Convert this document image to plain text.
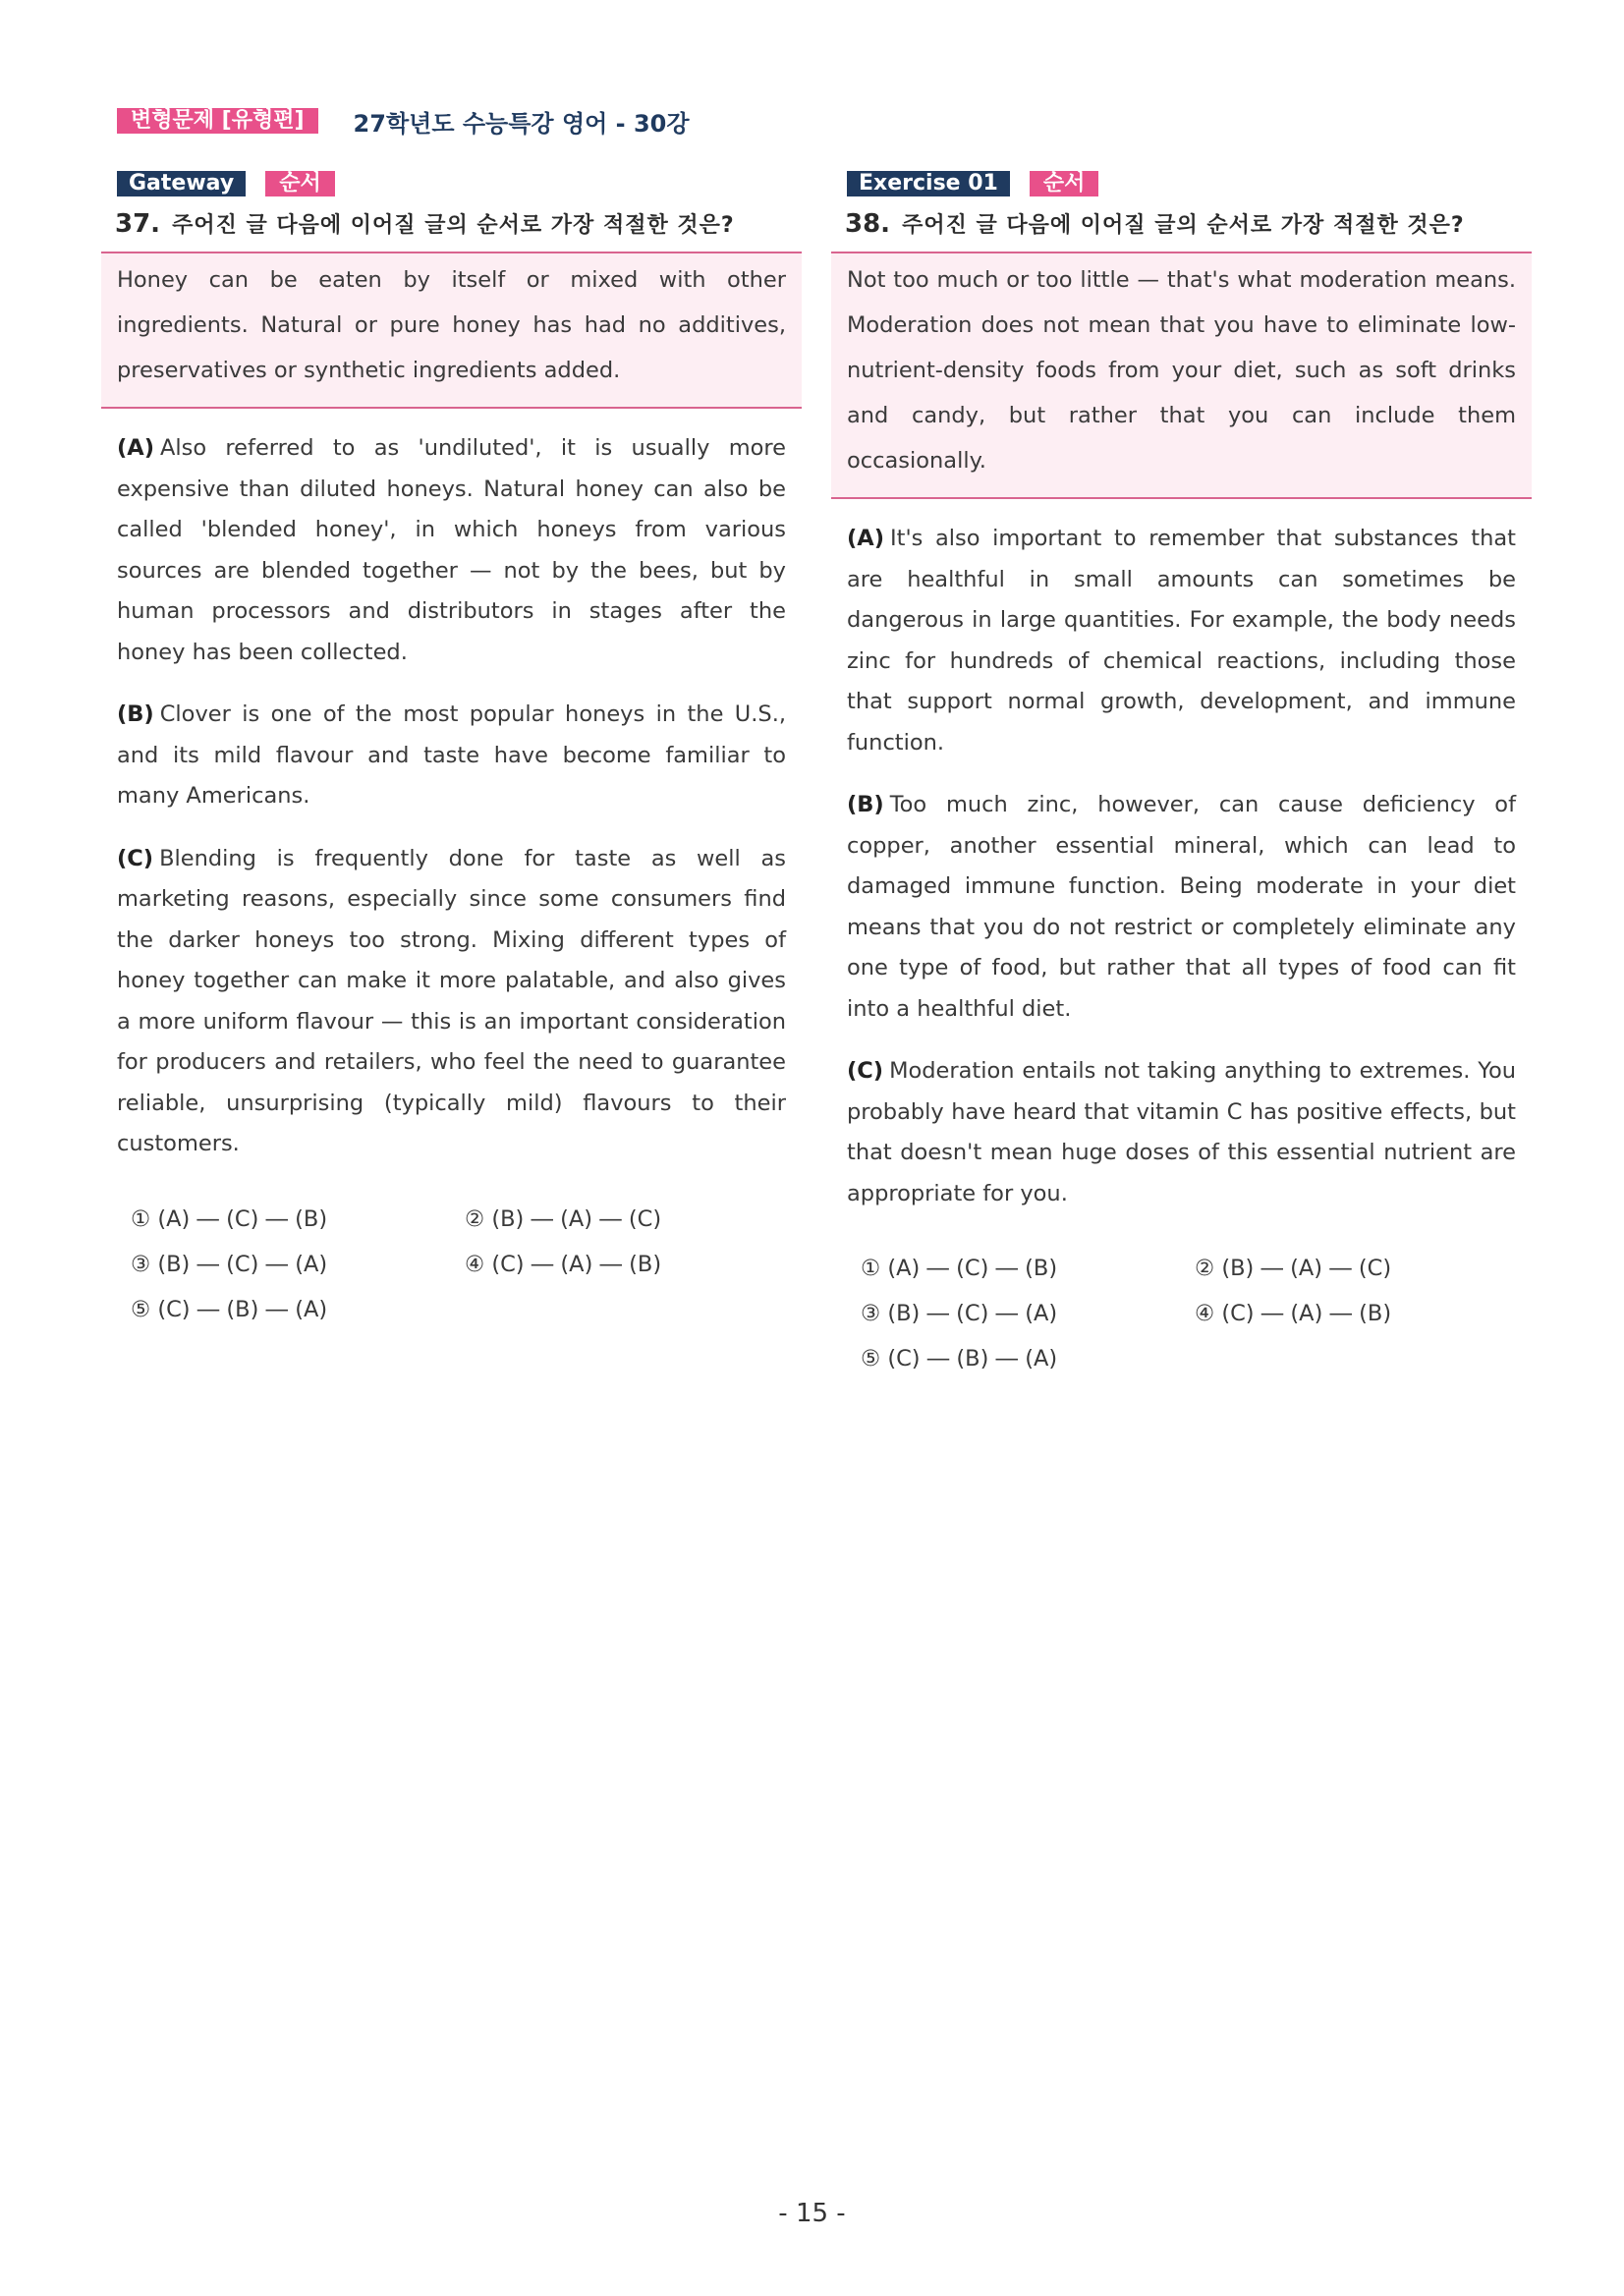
변형문제 [유형편]	27학년도 수능특강 영어 - 30강
Gateway	순서
37. 주어진 글 다음에 이어질 글의 순서로 가장 적절한 것은?

Honey can be eaten by itself or mixed with other ingredients. Natural or pure honey has had no additives, preservatives or synthetic ingredients added.

(A) Also referred to as 'undiluted', it is usually more expensive than diluted honeys. Natural honey can also be called 'blended honey', in which honeys from various sources are blended together — not by the bees, but by human processors and distributors in stages after the honey has been collected.

(B) Clover is one of the most popular honeys in the U.S., and its mild flavour and taste have become familiar to many Americans.

(C) Blending is frequently done for taste as well as marketing reasons, especially since some consumers find the darker honeys too strong. Mixing different types of honey together can make it more palatable, and also gives a more uniform flavour — this is an important consideration for producers and retailers, who feel the need to guarantee reliable, unsurprising (typically mild) flavours to their customers.

① (A) ― (C) ― (B)	② (B) ― (A) ― (C)
③ (B) ― (C) ― (A)	④ (C) ― (A) ― (B)
⑤ (C) ― (B) ― (A)
Exercise 01	순서
38. 주어진 글 다음에 이어질 글의 순서로 가장 적절한 것은?

Not too much or too little — that's what moderation means. Moderation does not mean that you have to eliminate low-nutrient-density foods from your diet, such as soft drinks and candy, but rather that you can include them occasionally.

(A) It's also important to remember that substances that are healthful in small amounts can sometimes be dangerous in large quantities. For example, the body needs zinc for hundreds of chemical reactions, including those that support normal growth, development, and immune function.

(B) Too much zinc, however, can cause deficiency of copper, another essential mineral, which can lead to damaged immune function. Being moderate in your diet means that you do not restrict or completely eliminate any one type of food, but rather that all types of food can fit into a healthful diet.

(C) Moderation entails not taking anything to extremes. You probably have heard that vitamin C has positive effects, but that doesn't mean huge doses of this essential nutrient are appropriate for you.

① (A) ― (C) ― (B)	② (B) ― (A) ― (C)
③ (B) ― (C) ― (A)	④ (C) ― (A) ― (B)
⑤ (C) ― (B) ― (A)
- 15 -
